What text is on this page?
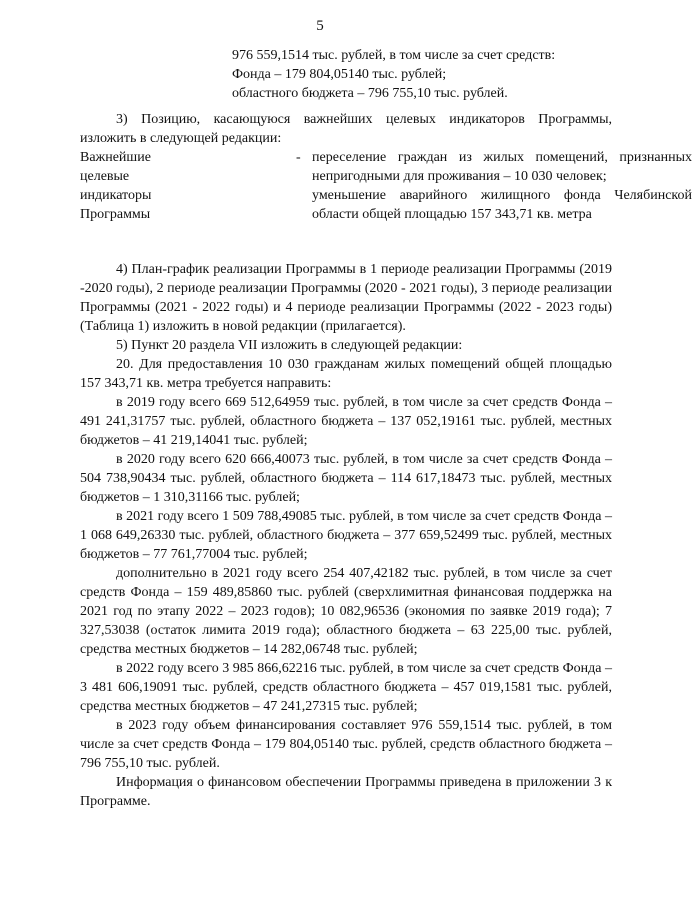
5
976 559,1514 тыс. рублей, в том числе за счет средств:
Фонда – 179 804,05140 тыс. рублей;
областного бюджета – 796 755,10 тыс. рублей.
3) Позицию, касающуюся важнейших целевых индикаторов Программы, изложить в следующей редакции:
Важнейшие
целевые
индикаторы
Программы
- переселение граждан из жилых помещений, признанных непригодными для проживания – 10 030 человек;
уменьшение аварийного жилищного фонда Челябинской области общей площадью 157 343,71 кв. метра

4) План-график реализации Программы в 1 периоде реализации Программы (2019 -2020 годы), 2 периоде реализации Программы (2020 - 2021 годы), 3 периоде реализации Программы (2021 - 2022 годы) и 4 периоде реализации Программы (2022 - 2023 годы) (Таблица 1) изложить в новой редакции (прилагается).

5) Пункт 20 раздела VII изложить в следующей редакции:

20. Для предоставления 10 030 гражданам жилых помещений общей площадью 157 343,71 кв. метра требуется направить:

в 2019 году всего 669 512,64959 тыс. рублей, в том числе за счет средств Фонда – 491 241,31757 тыс. рублей, областного бюджета – 137 052,19161 тыс. рублей, местных бюджетов – 41 219,14041 тыс. рублей;

в 2020 году всего 620 666,40073 тыс. рублей, в том числе за счет средств Фонда – 504 738,90434 тыс. рублей, областного бюджета – 114 617,18473 тыс. рублей, местных бюджетов – 1 310,31166 тыс. рублей;

в 2021 году всего 1 509 788,49085 тыс. рублей, в том числе за счет средств Фонда – 1 068 649,26330 тыс. рублей, областного бюджета – 377 659,52499 тыс. рублей, местных бюджетов – 77 761,77004 тыс. рублей;

дополнительно в 2021 году всего 254 407,42182 тыс. рублей, в том числе за счет средств Фонда – 159 489,85860 тыс. рублей (сверхлимитная финансовая поддержка на 2021 год по этапу 2022 – 2023 годов); 10 082,96536 (экономия по заявке 2019 года); 7 327,53038 (остаток лимита 2019 года); областного бюджета – 63 225,00 тыс. рублей, средства местных бюджетов – 14 282,06748 тыс. рублей;

в 2022 году всего 3 985 866,62216 тыс. рублей, в том числе за счет средств Фонда – 3 481 606,19091 тыс. рублей, средств областного бюджета – 457 019,1581 тыс. рублей, средства местных бюджетов – 47 241,27315 тыс. рублей;

в 2023 году объем финансирования составляет 976 559,1514 тыс. рублей, в том числе за счет средств Фонда – 179 804,05140 тыс. рублей, средств областного бюджета – 796 755,10 тыс. рублей.

Информация о финансовом обеспечении Программы приведена в приложении 3 к Программе.
